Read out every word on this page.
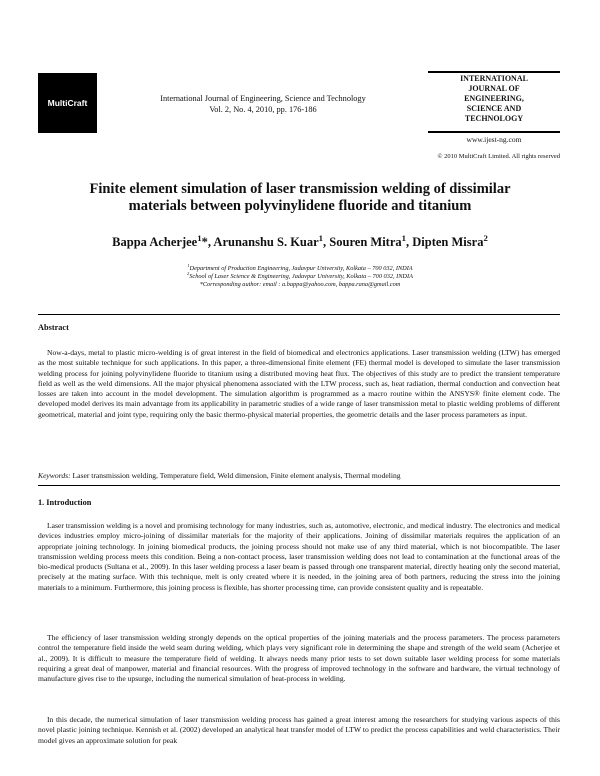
MultiCraft	International Journal of Engineering, Science and Technology
Vol. 2, No. 4, 2010, pp. 176-186
INTERNATIONAL JOURNAL OF ENGINEERING, SCIENCE AND TECHNOLOGY
www.ijest-ng.com
© 2010 MultiCraft Limited. All rights reserved
Finite element simulation of laser transmission welding of dissimilar materials between polyvinylidene fluoride and titanium
Bappa Acherjee$^1$*, Arunanshu S. Kuar$^1$, Souren Mitra$^1$, Dipten Misra$^2$
$^1$Department of Production Engineering, Jadavpur University, Kolkata – 700 032, INDIA
$^2$School of Laser Science & Engineering, Jadavpur University, Kolkata – 700 032, INDIA
*Corresponding author: email : a.bappa@yahoo.com, bappa.rana@gmail.com
Abstract
Now-a-days, metal to plastic micro-welding is of great interest in the field of biomedical and electronics applications. Laser transmission welding (LTW) has emerged as the most suitable technique for such applications. In this paper, a three-dimensional finite element (FE) thermal model is developed to simulate the laser transmission welding process for joining polyvinylidene fluoride to titanium using a distributed moving heat flux. The objectives of this study are to predict the transient temperature field as well as the weld dimensions. All the major physical phenomena associated with the LTW process, such as, heat radiation, thermal conduction and convection heat losses are taken into account in the model development. The simulation algorithm is programmed as a macro routine within the ANSYS® finite element code. The developed model derives its main advantage from its applicability in parametric studies of a wide range of laser transmission metal to plastic welding problems of different geometrical, material and joint type, requiring only the basic thermo-physical material properties, the geometric details and the laser process parameters as input.
Keywords: Laser transmission welding, Temperature field, Weld dimension, Finite element analysis, Thermal modeling
1. Introduction
Laser transmission welding is a novel and promising technology for many industries, such as, automotive, electronic, and medical industry. The electronics and medical devices industries employ micro-joining of dissimilar materials for the majority of their applications. Joining of dissimilar materials requires the application of an appropriate joining technology. In joining biomedical products, the joining process should not make use of any third material, which is not biocompatible. The laser transmission welding process meets this condition. Being a non-contact process, laser transmission welding does not lead to contamination at the functional areas of the bio-medical products (Sultana et al., 2009). In this laser welding process a laser beam is passed through one transparent material, directly heating only the second material, precisely at the mating surface. With this technique, melt is only created where it is needed, in the joining area of both partners, reducing the stress into the joining materials to a minimum. Furthermore, this joining process is flexible, has shorter processing time, can provide consistent quality and is repeatable.
The efficiency of laser transmission welding strongly depends on the optical properties of the joining materials and the process parameters. The process parameters control the temperature field inside the weld seam during welding, which plays very significant role in determining the shape and strength of the weld seam (Acherjee et al., 2009). It is difficult to measure the temperature field of welding. It always needs many prior tests to set down suitable laser welding process for some materials requiring a great deal of manpower, material and financial resources. With the progress of improved technology in the software and hardware, the virtual technology of manufacture gives rise to the upsurge, including the numerical simulation of heat-process in welding.
In this decade, the numerical simulation of laser transmission welding process has gained a great interest among the researchers for studying various aspects of this novel plastic joining technique. Kennish et al. (2002) developed an analytical heat transfer model of LTW to predict the process capabilities and weld characteristics. Their model gives an approximate solution for peak
